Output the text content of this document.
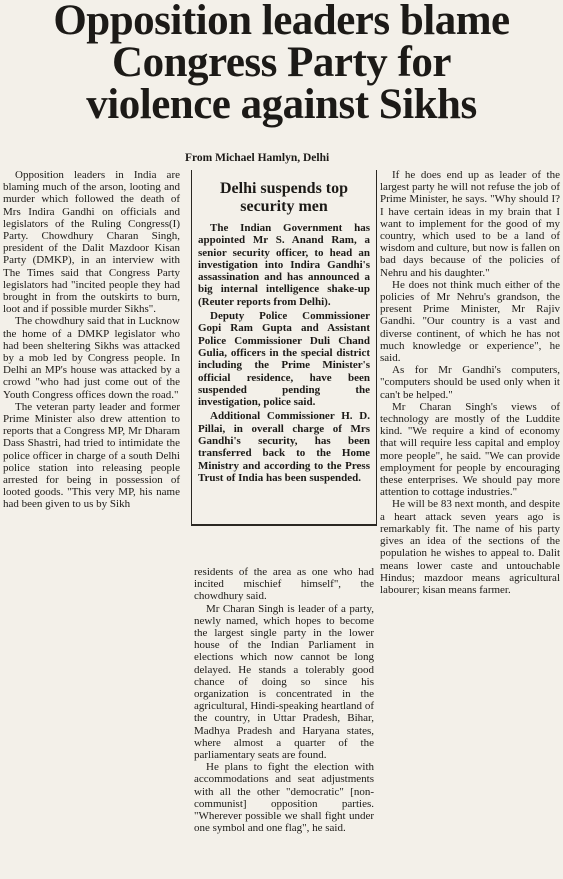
Opposition leaders blame
Congress Party for
violence against Sikhs
From Michael Hamlyn, Delhi

Opposition leaders in India are blaming much of the arson, looting and murder which followed the death of Mrs Indira Gandhi on officials and legislators of the Ruling Congress(I) Party. Chowdhury Charan Singh, president of the Dalit Mazdoor Kisan Party (DMKP), in an interview with The Times said that Congress Party legislators had "incited people they had brought in from the outskirts to burn, loot and if possible murder Sikhs".

The chowdhury said that in Lucknow the home of a DMKP legislator who had been sheltering Sikhs was attacked by a mob led by Congress people. In Delhi an MP's house was attacked by a crowd "who had just come out of the Youth Congress offices down the road."

The veteran party leader and former Prime Minister also drew attention to reports that a Congress MP, Mr Dharam Dass Shastri, had tried to intimidate the police officer in charge of a south Delhi police station into releasing people arrested for being in possession of looted goods. "This very MP, his name had been given to us by Sikh

Delhi suspends top security men

The Indian Government has appointed Mr S. Anand Ram, a senior security officer, to head an investigation into Indira Gandhi's assassination and has announced a big internal intelligence shake-up (Reuter reports from Delhi).

Deputy Police Commissioner Gopi Ram Gupta and Assistant Police Commissioner Duli Chand Gulia, officers in the special district including the Prime Minister's official residence, have been suspended pending the investigation, police said.

Additional Commissioner H. D. Pillai, in overall charge of Mrs Gandhi's security, has been transferred back to the Home Ministry and according to the Press Trust of India has been suspended.

residents of the area as one who had incited mischief himself", the chowdhury said.

Mr Charan Singh is leader of a party, newly named, which hopes to become the largest single party in the lower house of the Indian Parliament in elections which now cannot be long delayed. He stands a tolerably good chance of doing so since his organization is concentrated in the agricultural, Hindi-speaking heartland of the country, in Uttar Pradesh, Bihar, Madhya Pradesh and Haryana states, where almost a quarter of the parliamentary seats are found.

He plans to fight the election with accommodations and seat adjustments with all the other "democratic" [non-communist] opposition parties. "Wherever possible we shall fight under one symbol and one flag", he said.

If he does end up as leader of the largest party he will not refuse the job of Prime Minister, he says. "Why should I? I have certain ideas in my brain that I want to implement for the good of my country, which used to be a land of wisdom and culture, but now is fallen on bad days because of the policies of Nehru and his daughter."

He does not think much either of the policies of Mr Nehru's grandson, the present Prime Minister, Mr Rajiv Gandhi. "Our country is a vast and diverse continent, of which he has not much knowledge or experience", he said.

As for Mr Gandhi's computers, "computers should be used only when it can't be helped."

Mr Charan Singh's views of technology are mostly of the Luddite kind. "We require a kind of economy that will require less capital and employ more people", he said. "We can provide employment for people by encouraging these enterprises. We should pay more attention to cottage industries."

He will be 83 next month, and despite a heart attack seven years ago is remarkably fit. The name of his party gives an idea of the sections of the population he wishes to appeal to. Dalit means lower caste and untouchable Hindus; mazdoor means agricultural labourer; kisan means farmer.
